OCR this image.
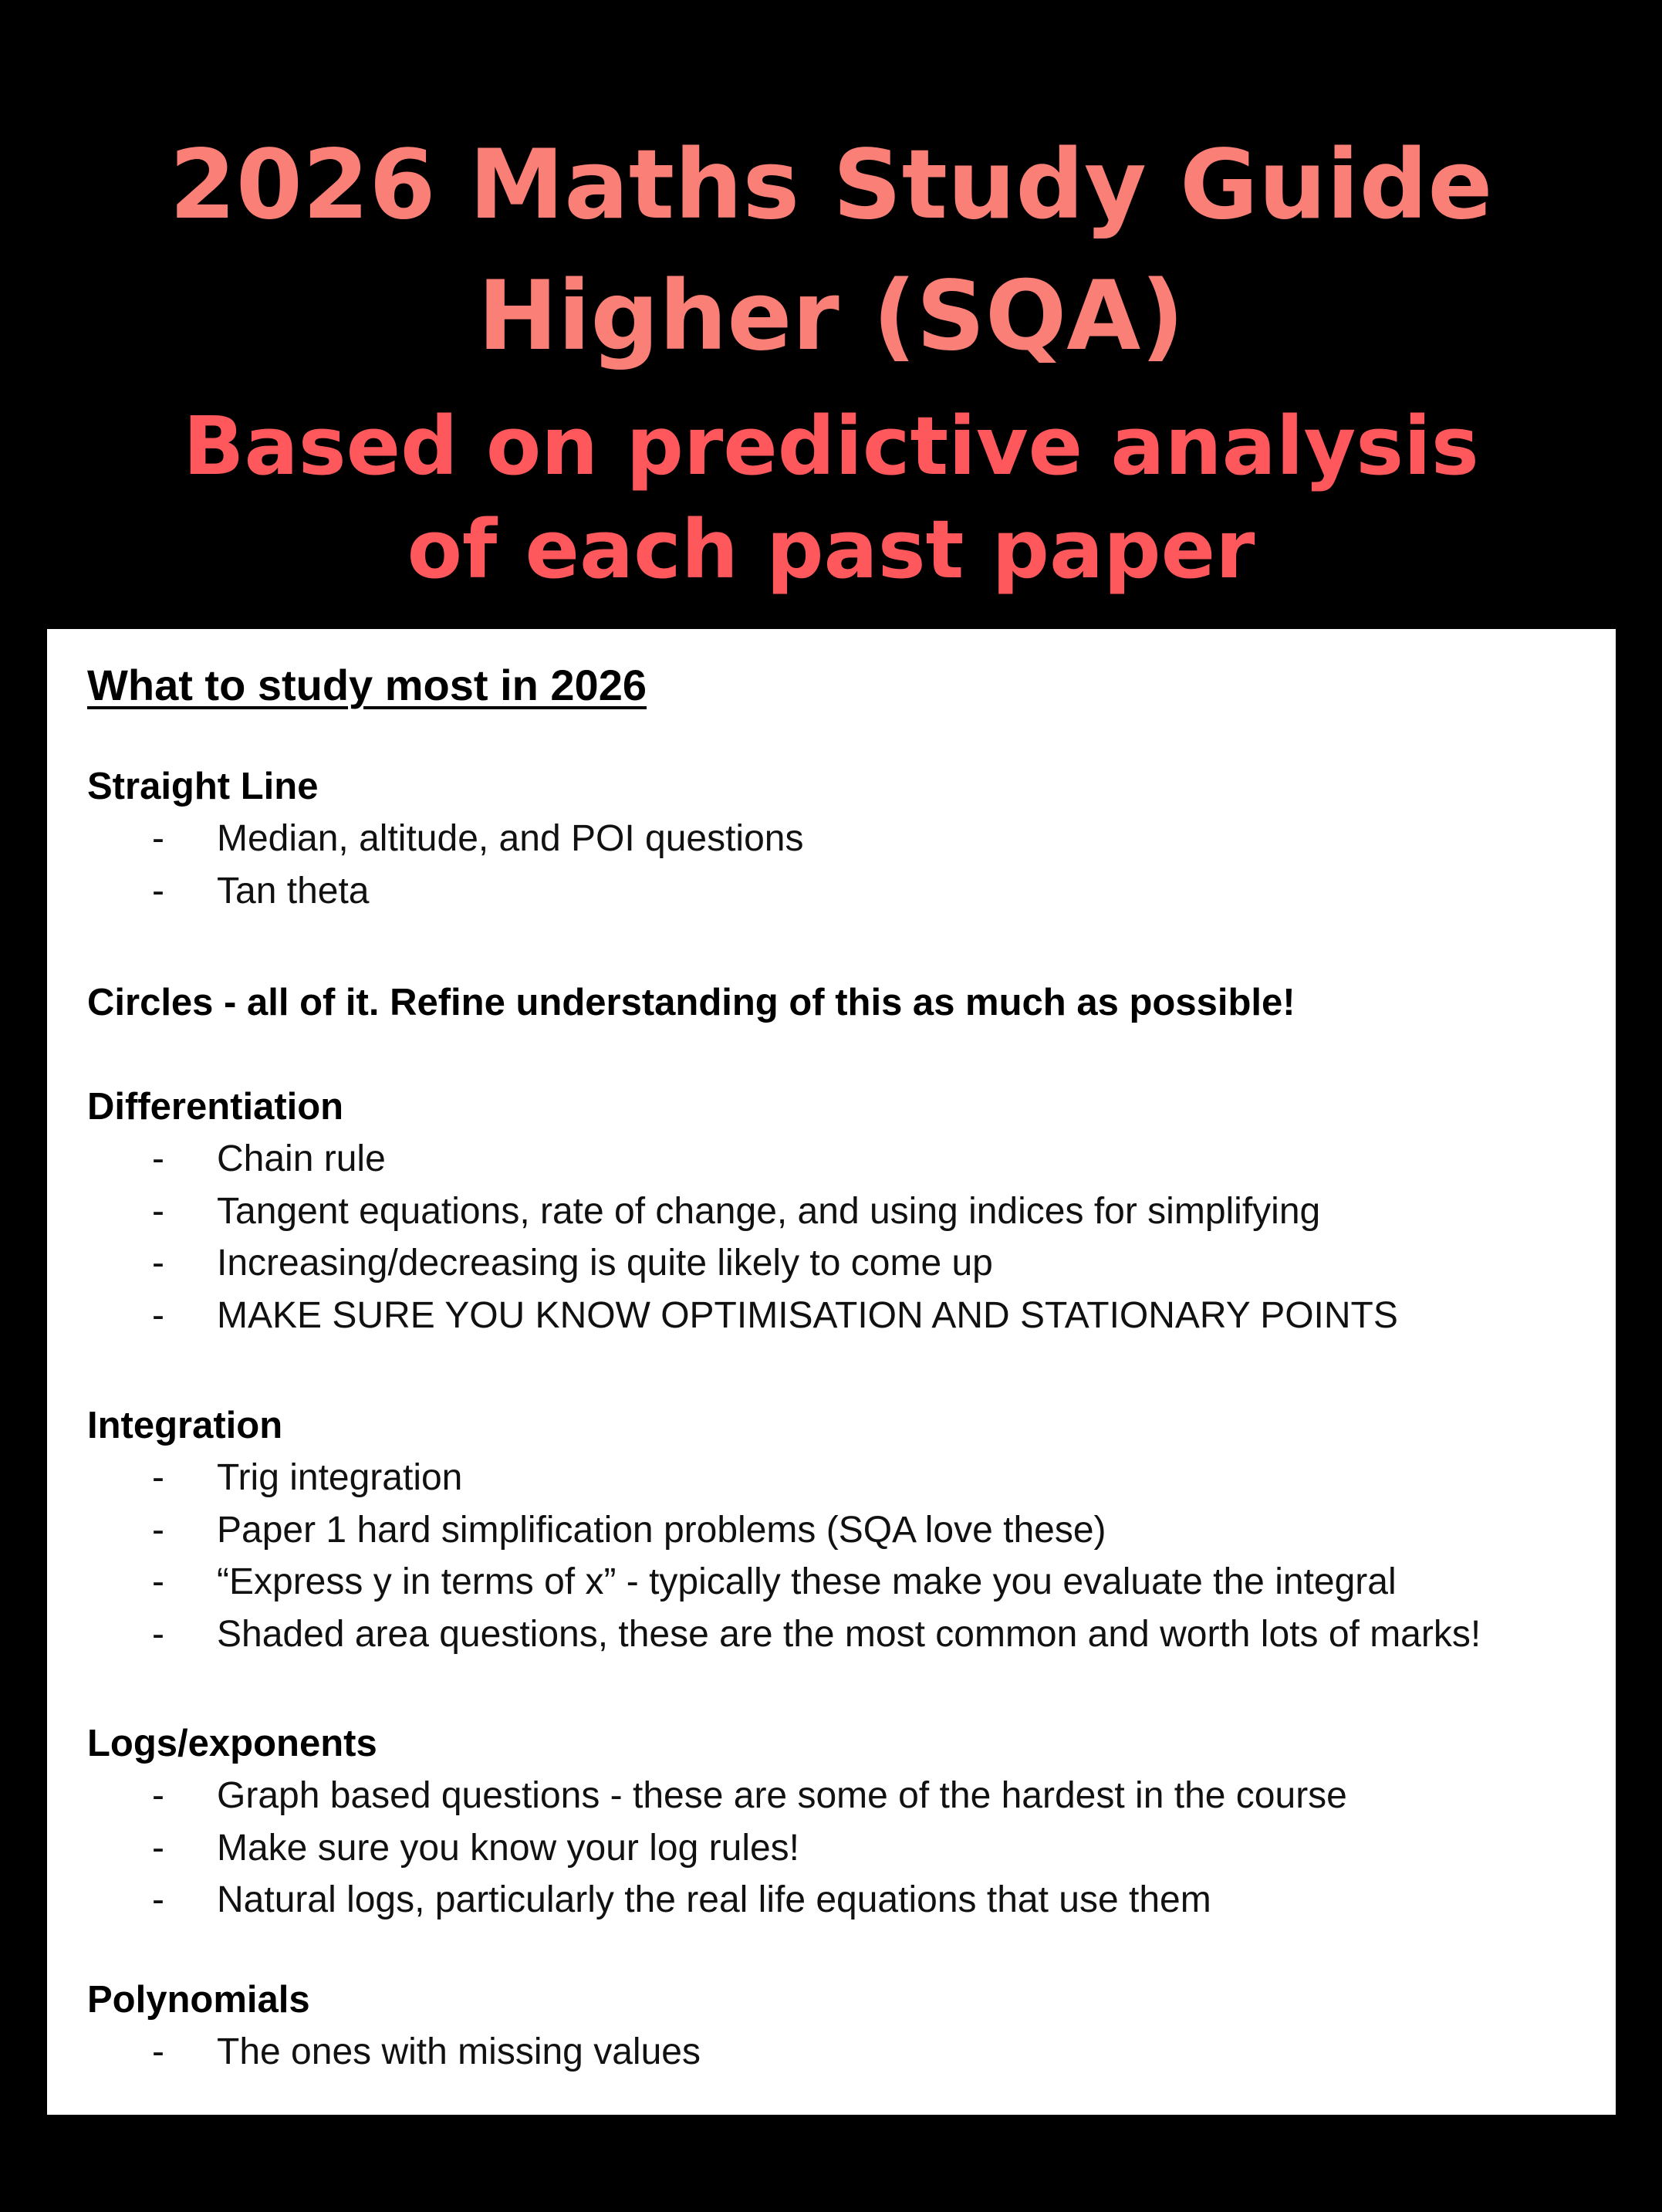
2026 Maths Study Guide
Higher (SQA)
Based on predictive analysis
of each past paper
What to study most in 2026
Straight Line
- Median, altitude, and POI questions
- Tan theta
Circles - all of it. Refine understanding of this as much as possible!
Differentiation
- Chain rule
- Tangent equations, rate of change, and using indices for simplifying
- Increasing/decreasing is quite likely to come up
- MAKE SURE YOU KNOW OPTIMISATION AND STATIONARY POINTS
Integration
- Trig integration
- Paper 1 hard simplification problems (SQA love these)
- “Express y in terms of x” - typically these make you evaluate the integral
- Shaded area questions, these are the most common and worth lots of marks!
Logs/exponents
- Graph based questions - these are some of the hardest in the course
- Make sure you know your log rules!
- Natural logs, particularly the real life equations that use them
Polynomials
- The ones with missing values
